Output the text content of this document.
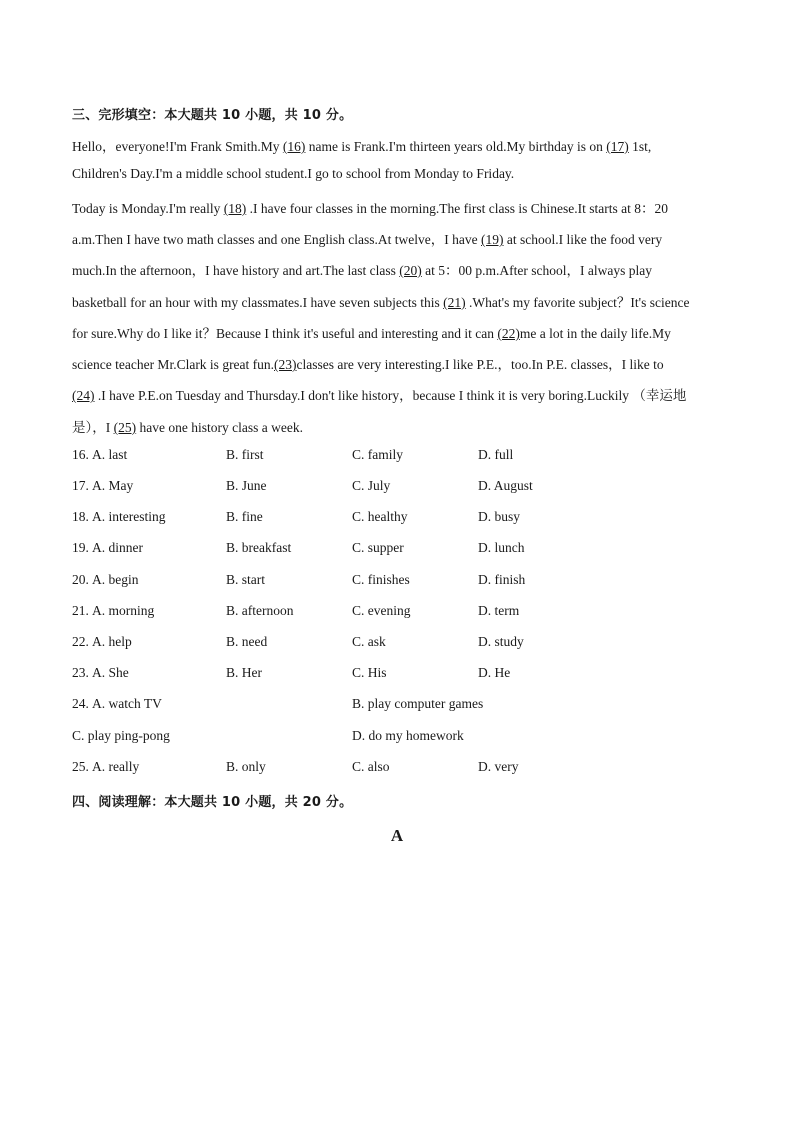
三、完形填空：本大题共 10 小题，共 10 分。
Hello，everyone!I'm Frank Smith.My (16) name is Frank.I'm thirteen years old.My birthday is on (17) 1st,
Children's Day.I'm a middle school student.I go to school from Monday to Friday.
Today is Monday.I'm really (18) .I have four classes in the morning.The first class is Chinese.It starts at 8：20
a.m.Then I have two math classes and one English class.At twelve，I have (19) at school.I like the food very
much.In the afternoon，I have history and art.The last class (20) at 5：00 p.m.After school，I always play
basketball for an hour with my classmates.I have seven subjects this (21) .What's my favorite subject？It's science
for sure.Why do I like it？Because I think it's useful and interesting and it can (22)me a lot in the daily life.My
science teacher Mr.Clark is great fun.(23)classes are very interesting.I like P.E.，too.In P.E. classes，I like to
(24) .I have P.E.on Tuesday and Thursday.I don't like history，because I think it is very boring.Luckily （幸运地
是），I (25) have one history class a week.
16. A. last	B. first	C. family	D. full
17. A. May	B. June	C. July	D. August
18. A. interesting	B. fine	C. healthy	D. busy
19. A. dinner	B. breakfast	C. supper	D. lunch
20. A. begin	B. start	C. finishes	D. finish
21. A. morning	B. afternoon	C. evening	D. term
22. A. help	B. need	C. ask	D. study
23. A. She	B. Her	C. His	D. He
24. A. watch TV	B. play computer games
C. play ping-pong	D. do my homework
25. A. really	B. only	C. also	D. very
四、阅读理解：本大题共 10 小题，共 20 分。
A
